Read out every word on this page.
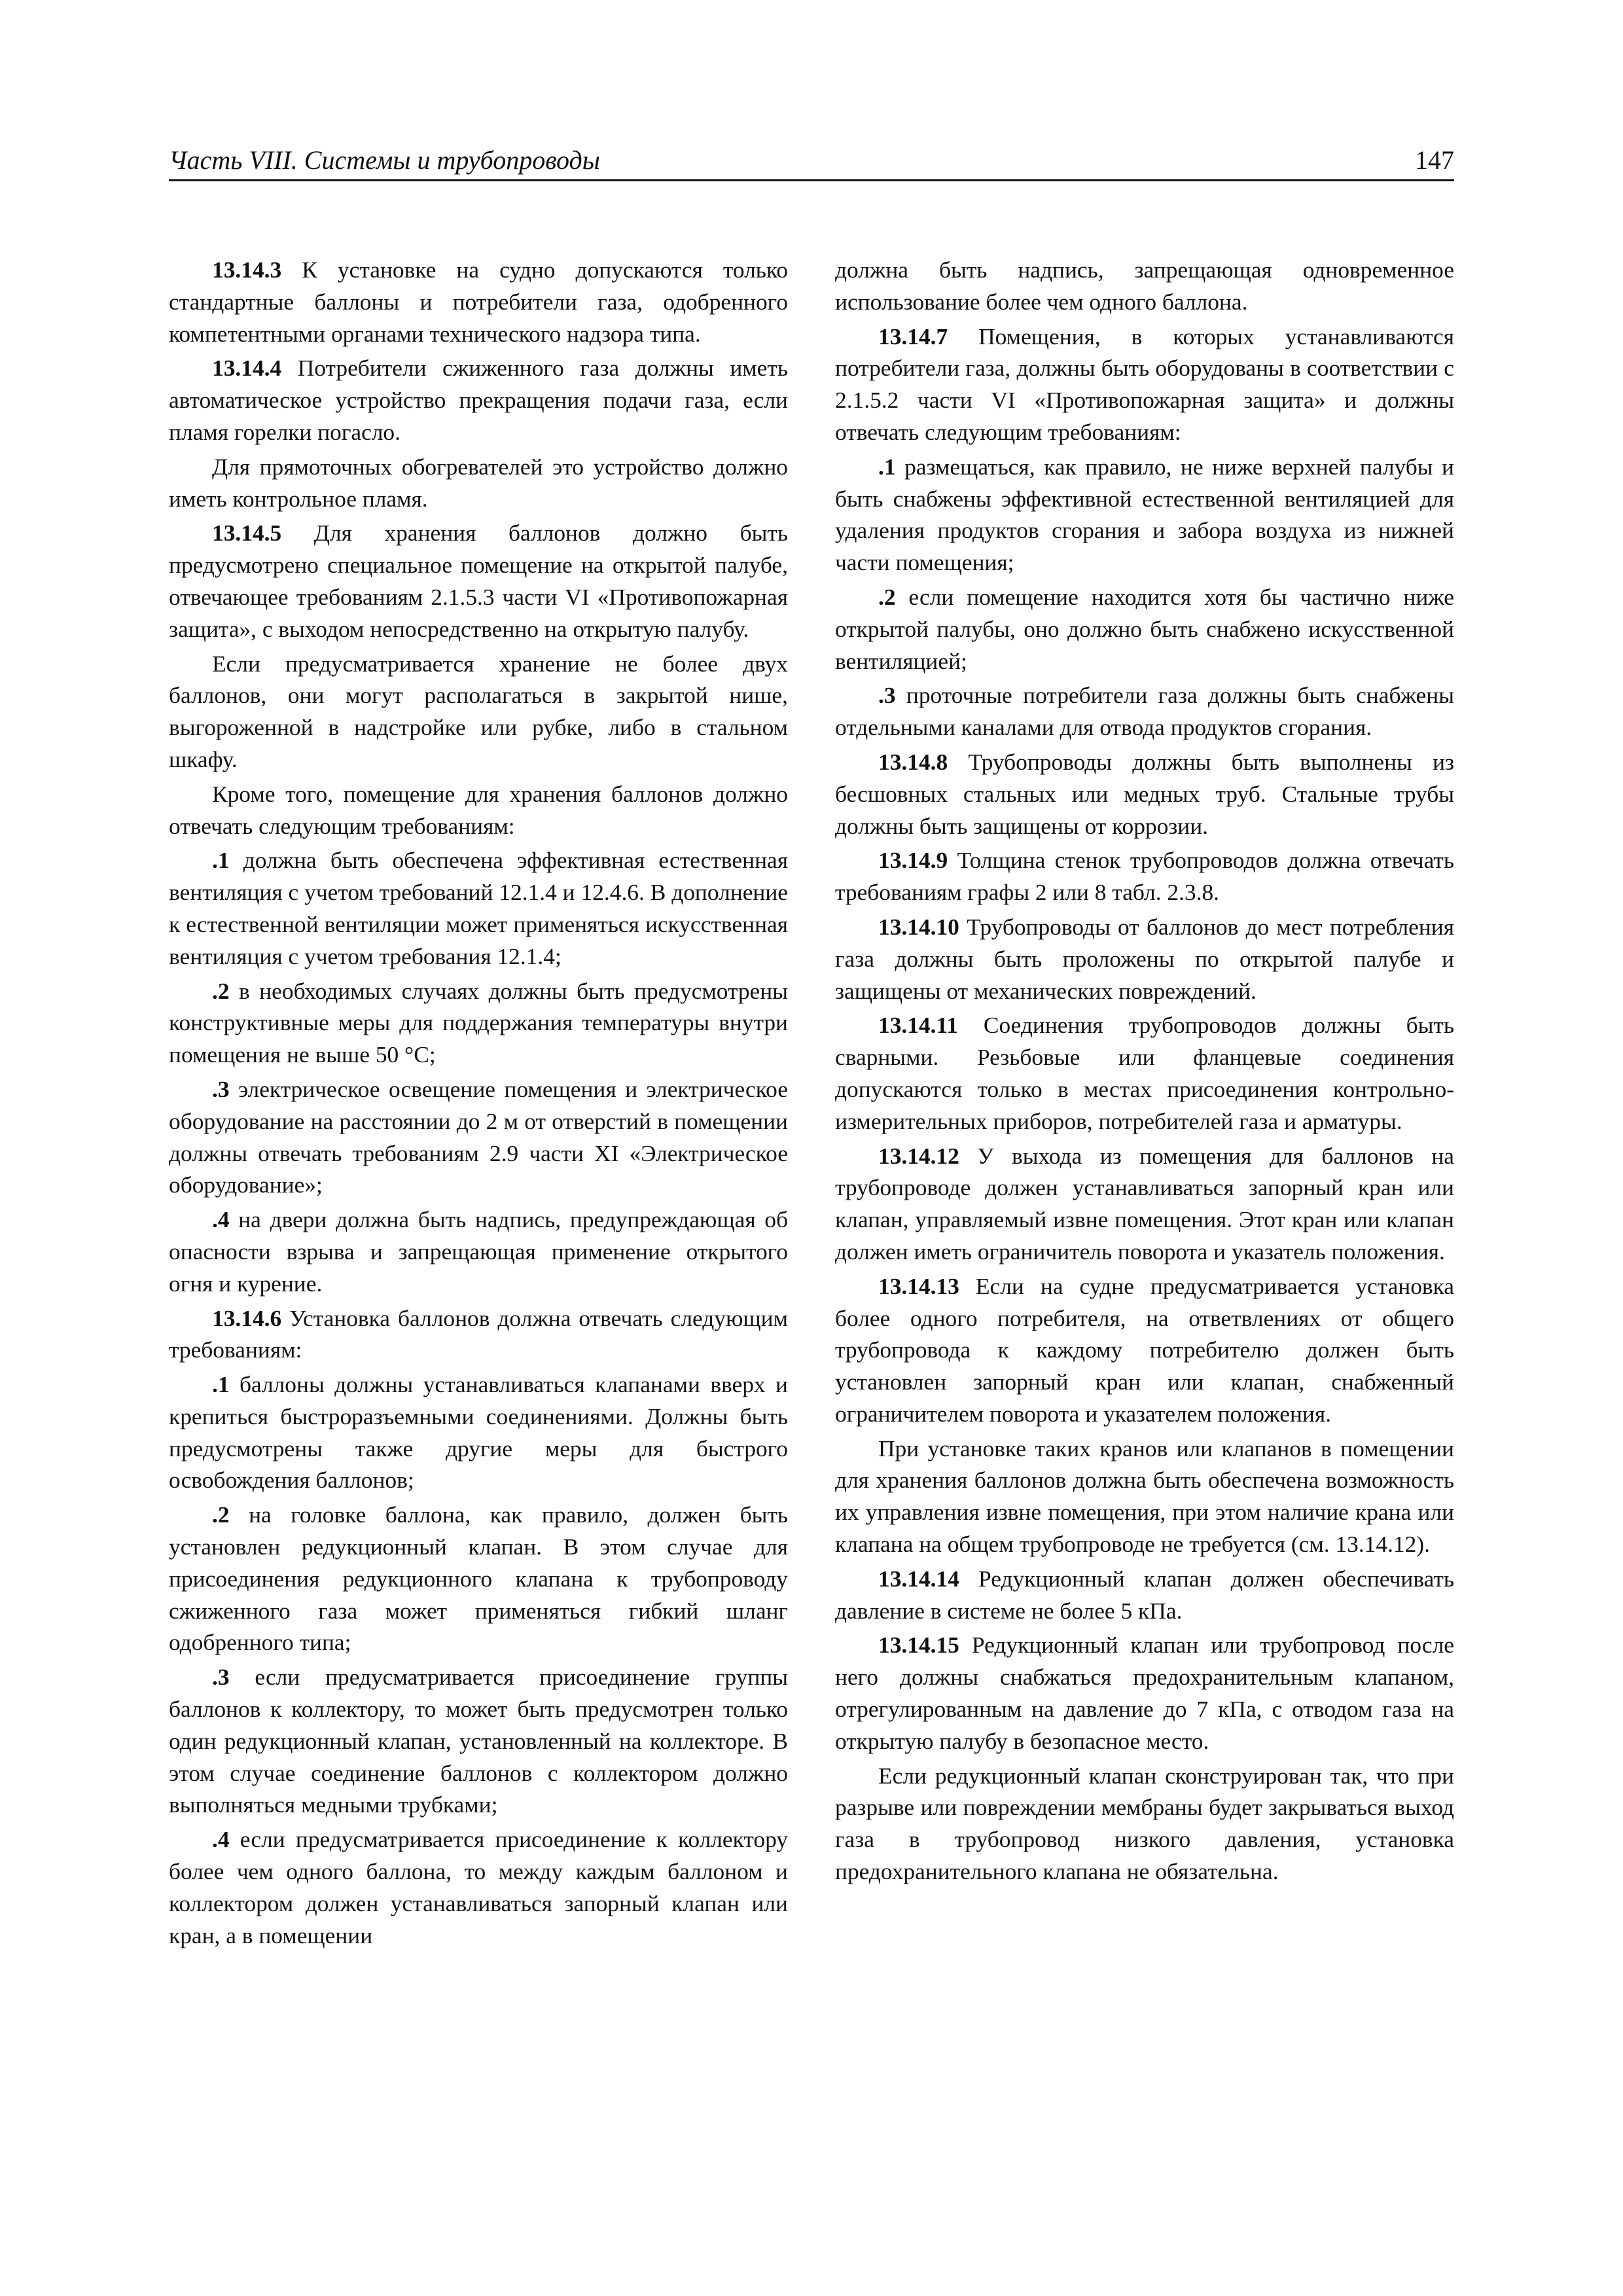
Часть VIII. Системы и трубопроводы	147

13.14.3 К установке на судно допускаются только стандартные баллоны и потребители газа, одобренного компетентными органами технического надзора типа.

13.14.4 Потребители сжиженного газа должны иметь автоматическое устройство прекращения подачи газа, если пламя горелки погасло.

Для прямоточных обогревателей это устройство должно иметь контрольное пламя.

13.14.5 Для хранения баллонов должно быть предусмотрено специальное помещение на открытой палубе, отвечающее требованиям 2.1.5.3 части VI «Противопожарная защита», с выходом непосредственно на открытую палубу.

Если предусматривается хранение не более двух баллонов, они могут располагаться в закрытой нише, выгороженной в надстройке или рубке, либо в стальном шкафу.

Кроме того, помещение для хранения баллонов должно отвечать следующим требованиям:

.1 должна быть обеспечена эффективная естественная вентиляция с учетом требований 12.1.4 и 12.4.6. В дополнение к естественной вентиляции может применяться искусственная вентиляция с учетом требования 12.1.4;

.2 в необходимых случаях должны быть предусмотрены конструктивные меры для поддержания температуры внутри помещения не выше 50 °С;

.3 электрическое освещение помещения и электрическое оборудование на расстоянии до 2 м от отверстий в помещении должны отвечать требованиям 2.9 части XI «Электрическое оборудование»;

.4 на двери должна быть надпись, предупреждающая об опасности взрыва и запрещающая применение открытого огня и курение.

13.14.6 Установка баллонов должна отвечать следующим требованиям:

.1 баллоны должны устанавливаться клапанами вверх и крепиться быстроразъемными соединениями. Должны быть предусмотрены также другие меры для быстрого освобождения баллонов;

.2 на головке баллона, как правило, должен быть установлен редукционный клапан. В этом случае для присоединения редукционного клапана к трубопроводу сжиженного газа может применяться гибкий шланг одобренного типа;

.3 если предусматривается присоединение группы баллонов к коллектору, то может быть предусмотрен только один редукционный клапан, установленный на коллекторе. В этом случае соединение баллонов с коллектором должно выполняться медными трубками;

.4 если предусматривается присоединение к коллектору более чем одного баллона, то между каждым баллоном и коллектором должен устанавливаться запорный клапан или кран, а в помещении

должна быть надпись, запрещающая одновременное использование более чем одного баллона.

13.14.7 Помещения, в которых устанавливаются потребители газа, должны быть оборудованы в соответствии с 2.1.5.2 части VI «Противопожарная защита» и должны отвечать следующим требованиям:

.1 размещаться, как правило, не ниже верхней палубы и быть снабжены эффективной естественной вентиляцией для удаления продуктов сгорания и забора воздуха из нижней части помещения;

.2 если помещение находится хотя бы частично ниже открытой палубы, оно должно быть снабжено искусственной вентиляцией;

.3 проточные потребители газа должны быть снабжены отдельными каналами для отвода продуктов сгорания.

13.14.8 Трубопроводы должны быть выполнены из бесшовных стальных или медных труб. Стальные трубы должны быть защищены от коррозии.

13.14.9 Толщина стенок трубопроводов должна отвечать требованиям графы 2 или 8 табл. 2.3.8.

13.14.10 Трубопроводы от баллонов до мест потребления газа должны быть проложены по открытой палубе и защищены от механических повреждений.

13.14.11 Соединения трубопроводов должны быть сварными. Резьбовые или фланцевые соединения допускаются только в местах присоединения контрольно-измерительных приборов, потребителей газа и арматуры.

13.14.12 У выхода из помещения для баллонов на трубопроводе должен устанавливаться запорный кран или клапан, управляемый извне помещения. Этот кран или клапан должен иметь ограничитель поворота и указатель положения.

13.14.13 Если на судне предусматривается установка более одного потребителя, на ответвлениях от общего трубопровода к каждому потребителю должен быть установлен запорный кран или клапан, снабженный ограничителем поворота и указателем положения.

При установке таких кранов или клапанов в помещении для хранения баллонов должна быть обеспечена возможность их управления извне помещения, при этом наличие крана или клапана на общем трубопроводе не требуется (см. 13.14.12).

13.14.14 Редукционный клапан должен обеспечивать давление в системе не более 5 кПа.

13.14.15 Редукционный клапан или трубопровод после него должны снабжаться предохранительным клапаном, отрегулированным на давление до 7 кПа, с отводом газа на открытую палубу в безопасное место.

Если редукционный клапан сконструирован так, что при разрыве или повреждении мембраны будет закрываться выход газа в трубопровод низкого давления, установка предохранительного клапана не обязательна.
